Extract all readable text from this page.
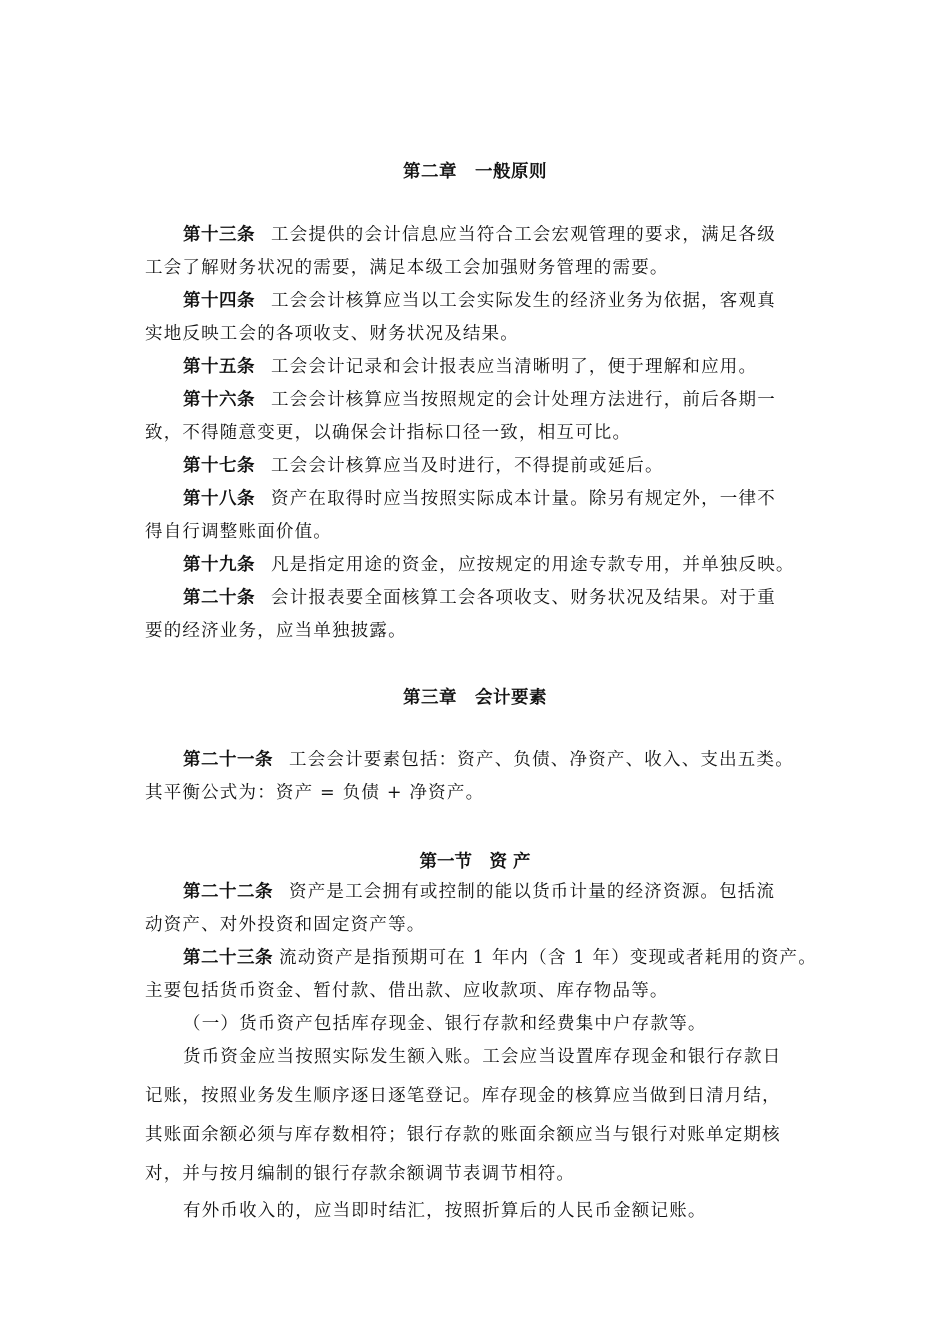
第二章　一般原则
第十三条 工会提供的会计信息应当符合工会宏观管理的要求，满足各级
工会了解财务状况的需要，满足本级工会加强财务管理的需要。
第十四条 工会会计核算应当以工会实际发生的经济业务为依据，客观真
实地反映工会的各项收支、财务状况及结果。
第十五条 工会会计记录和会计报表应当清晰明了，便于理解和应用。
第十六条 工会会计核算应当按照规定的会计处理方法进行，前后各期一
致，不得随意变更，以确保会计指标口径一致，相互可比。
第十七条 工会会计核算应当及时进行，不得提前或延后。
第十八条 资产在取得时应当按照实际成本计量。除另有规定外，一律不
得自行调整账面价值。
第十九条 凡是指定用途的资金，应按规定的用途专款专用，并单独反映。
第二十条 会计报表要全面核算工会各项收支、财务状况及结果。对于重
要的经济业务，应当单独披露。
第三章　会计要素
第二十一条 工会会计要素包括：资产、负债、净资产、收入、支出五类。
其平衡公式为：资产 = 负债 + 净资产。
第一节　资 产
第二十二条 资产是工会拥有或控制的能以货币计量的经济资源。包括流
动资产、对外投资和固定资产等。
第二十三条 流动资产是指预期可在 1 年内（含 1 年）变现或者耗用的资产。
主要包括货币资金、暂付款、借出款、应收款项、库存物品等。
（一）货币资产包括库存现金、银行存款和经费集中户存款等。
货币资金应当按照实际发生额入账。工会应当设置库存现金和银行存款日
记账，按照业务发生顺序逐日逐笔登记。库存现金的核算应当做到日清月结，
其账面余额必须与库存数相符；银行存款的账面余额应当与银行对账单定期核
对，并与按月编制的银行存款余额调节表调节相符。
有外币收入的，应当即时结汇，按照折算后的人民币金额记账。
